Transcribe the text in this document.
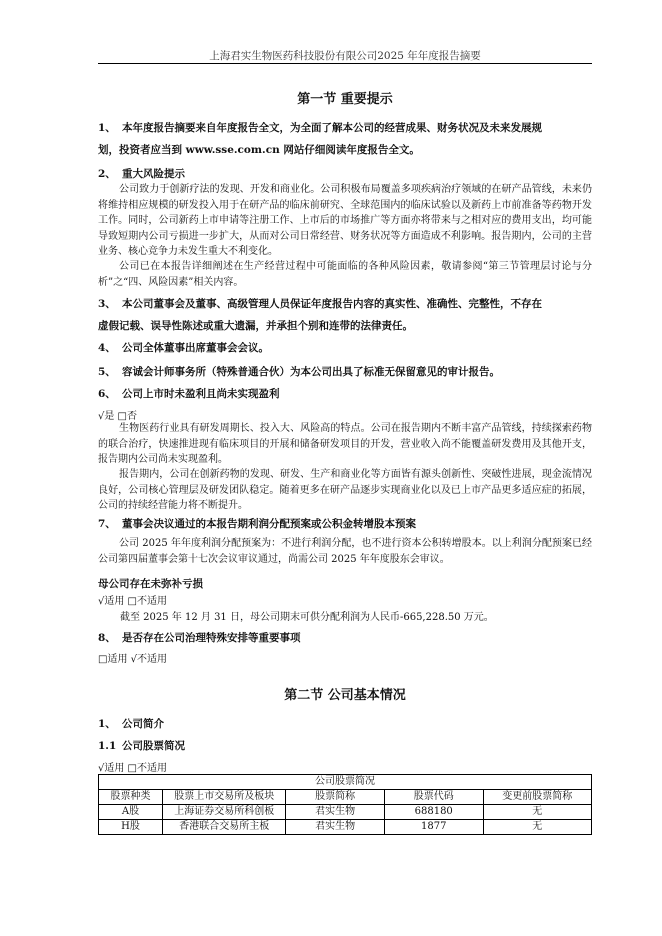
上海君实生物医药科技股份有限公司2025 年年度报告摘要
第一节 重要提示
1、 本年度报告摘要来自年度报告全文，为全面了解本公司的经营成果、财务状况及未来发展规
划，投资者应当到 www.sse.com.cn 网站仔细阅读年度报告全文。
2、 重大风险提示
公司致力于创新疗法的发现、开发和商业化。公司积极布局覆盖多项疾病治疗领域的在研产品管线，未来仍将维持相应规模的研发投入用于在研产品的临床前研究、全球范围内的临床试验以及新药上市前准备等药物开发工作。同时，公司新药上市申请等注册工作、上市后的市场推广等方面亦将带来与之相对应的费用支出，均可能导致短期内公司亏损进一步扩大，从而对公司日常经营、财务状况等方面造成不利影响。报告期内，公司的主营业务、核心竞争力未发生重大不利变化。
公司已在本报告详细阐述在生产经营过程中可能面临的各种风险因素，敬请参阅“第三节管理层讨论与分析”之“四、风险因素”相关内容。
3、 本公司董事会及董事、高级管理人员保证年度报告内容的真实性、准确性、完整性，不存在
虚假记载、误导性陈述或重大遗漏，并承担个别和连带的法律责任。
4、 公司全体董事出席董事会会议。
5、 容诚会计师事务所（特殊普通合伙）为本公司出具了标准无保留意见的审计报告。
6、 公司上市时未盈利且尚未实现盈利
√是 □否
生物医药行业具有研发周期长、投入大、风险高的特点。公司在报告期内不断丰富产品管线，持续探索药物的联合治疗，快速推进现有临床项目的开展和储备研发项目的开发，营业收入尚不能覆盖研发费用及其他开支，报告期内公司尚未实现盈利。
报告期内，公司在创新药物的发现、研发、生产和商业化等方面皆有源头创新性、突破性进展，现金流情况良好，公司核心管理层及研发团队稳定。随着更多在研产品逐步实现商业化以及已上市产品更多适应症的拓展，公司的持续经营能力将不断提升。
7、 董事会决议通过的本报告期利润分配预案或公积金转增股本预案
公司 2025 年年度利润分配预案为：不进行利润分配，也不进行资本公积转增股本。以上利润分配预案已经公司第四届董事会第十七次会议审议通过，尚需公司 2025 年年度股东会审议。
母公司存在未弥补亏损
√适用 □不适用
截至 2025 年 12 月 31 日，母公司期末可供分配利润为人民币-665,228.50 万元。
8、 是否存在公司治理特殊安排等重要事项
□适用 √不适用
第二节 公司基本情况
1、 公司简介
1.1 公司股票简况
√适用 □不适用
公司股票简况				
股票种类	股票上市交易所及板块	股票简称	股票代码	变更前股票简称
A股	上海证券交易所科创板	君实生物	688180	无
H股	香港联合交易所主板	君实生物	1877	无
